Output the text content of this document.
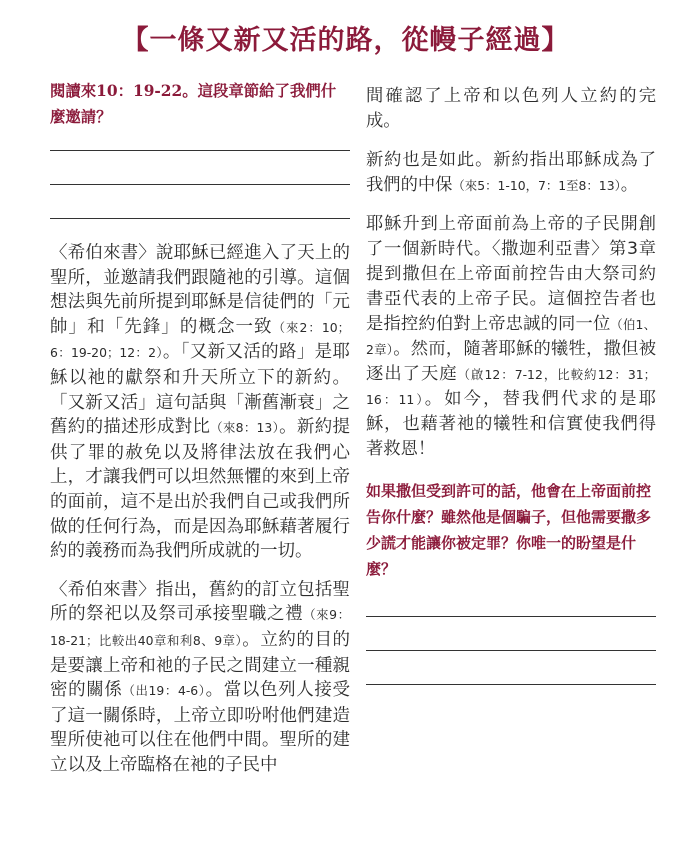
【一條又新又活的路，從幔子經過】

閱讀來10：19-22。這段章節給了我們什麼邀請？

〈希伯來書〉說耶穌已經進入了天上的聖所，並邀請我們跟隨祂的引導。這個想法與先前所提到耶穌是信徒們的「元帥」和「先鋒」的概念一致（來2：10；6：19-20；12：2）。「又新又活的路」是耶穌以祂的獻祭和升天所立下的新約。「又新又活」這句話與「漸舊漸衰」之舊約的描述形成對比（來8：13）。新約提供了罪的赦免以及將律法放在我們心上，才讓我們可以坦然無懼的來到上帝的面前，這不是出於我們自己或我們所做的任何行為，而是因為耶穌藉著履行約的義務而為我們所成就的一切。

〈希伯來書〉指出，舊約的訂立包括聖所的祭祀以及祭司承接聖職之禮（來9：18-21；比較出40章和利8、9章）。立約的目的是要讓上帝和祂的子民之間建立一種親密的關係（出19：4-6）。當以色列人接受了這一關係時，上帝立即吩咐他們建造聖所使祂可以住在他們中間。聖所的建立以及上帝臨格在祂的子民中

間確認了上帝和以色列人立約的完成。

新約也是如此。新約指出耶穌成為了我們的中保（來5：1-10，7：1至8：13）。

耶穌升到上帝面前為上帝的子民開創了一個新時代。〈撒迦利亞書〉第3章提到撒但在上帝面前控告由大祭司約書亞代表的上帝子民。這個控告者也是指控約伯對上帝忠誠的同一位（伯1、2章）。然而，隨著耶穌的犧牲，撒但被逐出了天庭（啟12：7-12，比較約12：31；16：11）。如今，替我們代求的是耶穌，也藉著祂的犧牲和信實使我們得著救恩！

如果撒但受到許可的話，他會在上帝面前控告你什麼？雖然他是個騙子，但他需要撒多少謊才能讓你被定罪？你唯一的盼望是什麼？
